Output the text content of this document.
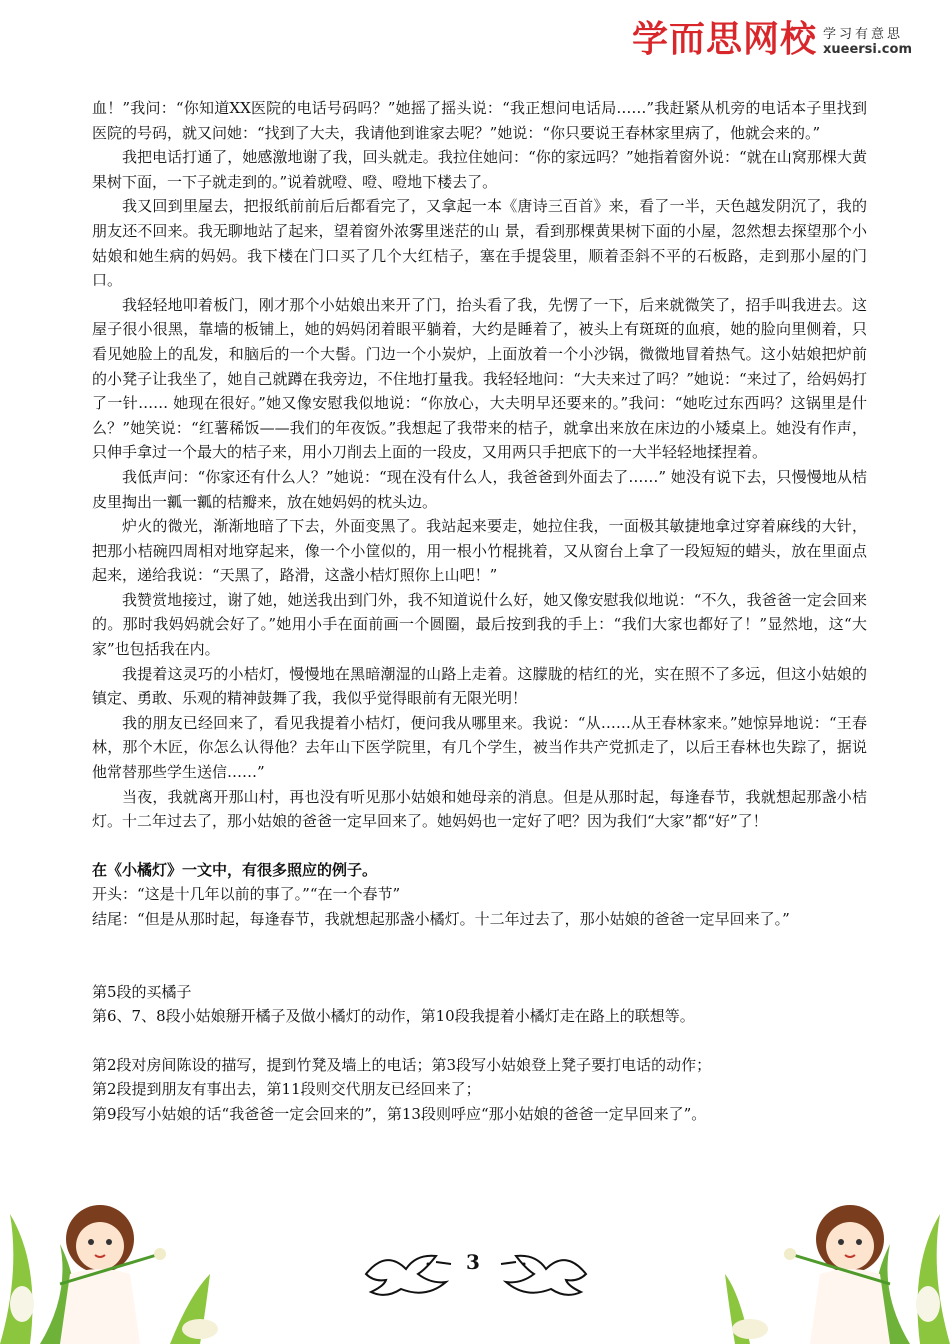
学而思网校 学习有意思
xueersi.com

血！”我问：“你知道XX医院的电话号码吗？”她摇了摇头说：“我正想问电话局……”我赶紧从机旁的电话本子里找到医院的号码，就又问她：“找到了大夫，我请他到谁家去呢？”她说：“你只要说王春林家里病了，他就会来的。”

我把电话打通了，她感激地谢了我，回头就走。我拉住她问：“你的家远吗？”她指着窗外说：“就在山窝那棵大黄果树下面，一下子就走到的。”说着就噔、噔、噔地下楼去了。

我又回到里屋去，把报纸前前后后都看完了，又拿起一本《唐诗三百首》来，看了一半，天色越发阴沉了，我的朋友还不回来。我无聊地站了起来，望着窗外浓雾里迷茫的山 景，看到那棵黄果树下面的小屋，忽然想去探望那个小姑娘和她生病的妈妈。我下楼在门口买了几个大红桔子，塞在手提袋里，顺着歪斜不平的石板路，走到那小屋的门口。

我轻轻地叩着板门，刚才那个小姑娘出来开了门，抬头看了我，先愣了一下，后来就微笑了，招手叫我进去。这屋子很小很黑，靠墙的板铺上，她的妈妈闭着眼平躺着，大约是睡着了，被头上有斑斑的血痕，她的脸向里侧着，只看见她脸上的乱发，和脑后的一个大髻。门边一个小炭炉，上面放着一个小沙锅，微微地冒着热气。这小姑娘把炉前的小凳子让我坐了，她自己就蹲在我旁边，不住地打量我。我轻轻地问：“大夫来过了吗？”她说：“来过了，给妈妈打了一针…… 她现在很好。”她又像安慰我似地说：“你放心，大夫明早还要来的。”我问：“她吃过东西吗？这锅里是什么？”她笑说：“红薯稀饭——我们的年夜饭。”我想起了我带来的桔子，就拿出来放在床边的小矮桌上。她没有作声，只伸手拿过一个最大的桔子来，用小刀削去上面的一段皮，又用两只手把底下的一大半轻轻地揉捏着。

我低声问：“你家还有什么人？”她说：“现在没有什么人，我爸爸到外面去了……” 她没有说下去，只慢慢地从桔皮里掏出一瓤一瓤的桔瓣来，放在她妈妈的枕头边。

炉火的微光，渐渐地暗了下去，外面变黑了。我站起来要走，她拉住我，一面极其敏捷地拿过穿着麻线的大针，把那小桔碗四周相对地穿起来，像一个小筐似的，用一根小竹棍挑着，又从窗台上拿了一段短短的蜡头，放在里面点起来，递给我说：“天黑了，路滑，这盏小桔灯照你上山吧！”

我赞赏地接过，谢了她，她送我出到门外，我不知道说什么好，她又像安慰我似地说：“不久，我爸爸一定会回来的。那时我妈妈就会好了。”她用小手在面前画一个圆圈，最后按到我的手上：“我们大家也都好了！”显然地，这“大家”也包括我在内。

我提着这灵巧的小桔灯，慢慢地在黑暗潮湿的山路上走着。这朦胧的桔红的光，实在照不了多远，但这小姑娘的镇定、勇敢、乐观的精神鼓舞了我，我似乎觉得眼前有无限光明！

我的朋友已经回来了，看见我提着小桔灯，便问我从哪里来。我说：“从……从王春林家来。”她惊异地说：“王春林，那个木匠，你怎么认得他？去年山下医学院里，有几个学生，被当作共产党抓走了，以后王春林也失踪了，据说他常替那些学生送信……”

当夜，我就离开那山村，再也没有听见那小姑娘和她母亲的消息。但是从那时起，每逢春节，我就想起那盏小桔灯。十二年过去了，那小姑娘的爸爸一定早回来了。她妈妈也一定好了吧？因为我们“大家”都“好”了！

在《小橘灯》一文中，有很多照应的例子。

开头：“这是十几年以前的事了。”“在一个春节”

结尾：“但是从那时起，每逢春节，我就想起那盏小橘灯。十二年过去了，那小姑娘的爸爸一定早回来了。”

第5段的买橘子

第6、7、8段小姑娘掰开橘子及做小橘灯的动作，第10段我提着小橘灯走在路上的联想等。

第2段对房间陈设的描写，提到竹凳及墙上的电话；第3段写小姑娘登上凳子要打电话的动作；

第2段提到朋友有事出去，第11段则交代朋友已经回来了；

第9段写小姑娘的话“我爸爸一定会回来的”，第13段则呼应“那小姑娘的爸爸一定早回来了”。

3
